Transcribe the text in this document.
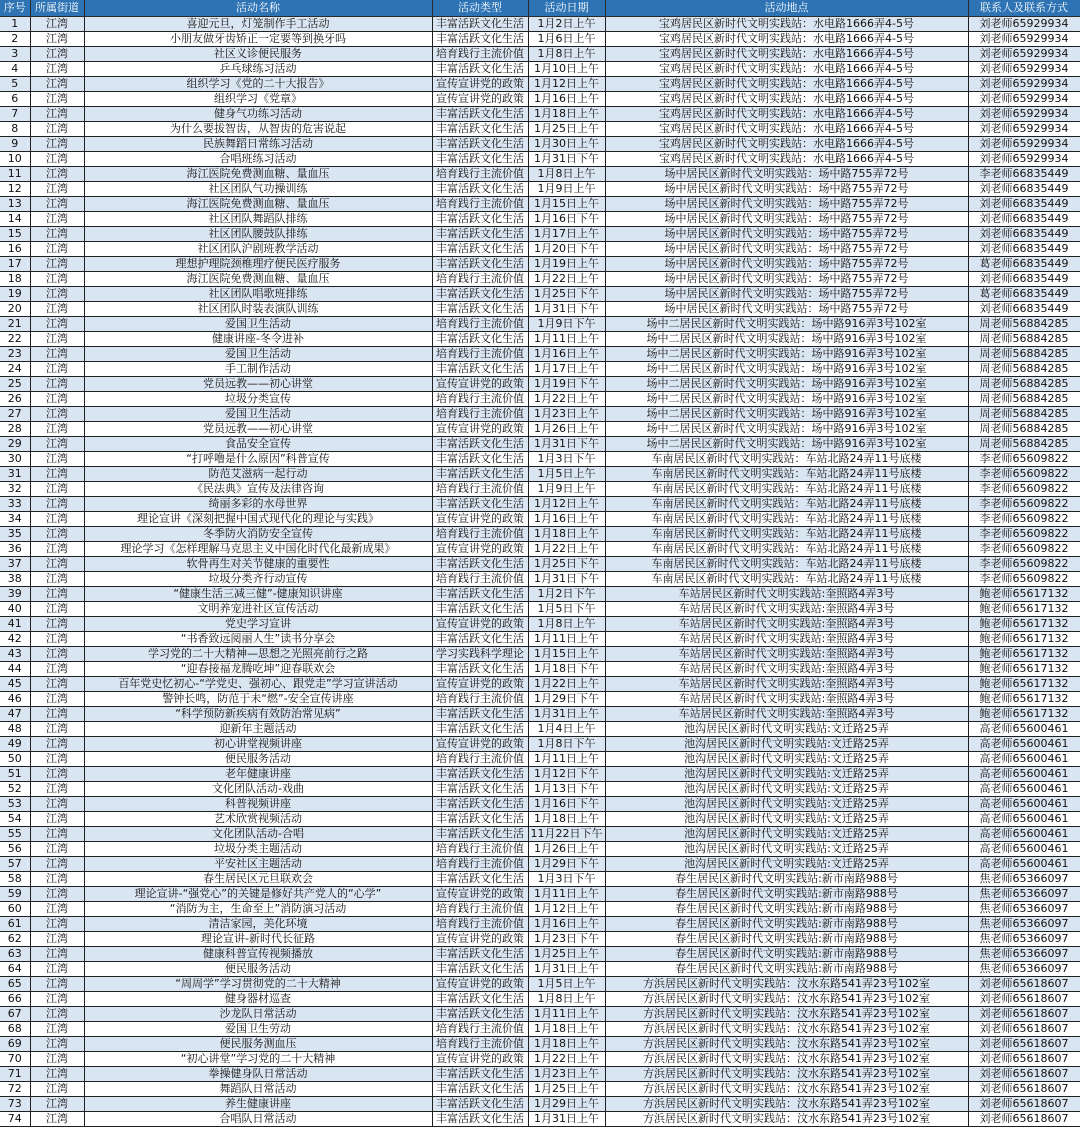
序号	所属街道	活动名称	活动类型	活动日期	活动地点	联系人及联系方式
1	江湾	喜迎元旦，灯笼制作手工活动	丰富活跃文化生活	1月2日上午	宝鸡居民区新时代文明实践站：水电路1666弄4-5号	刘老师65929934
2	江湾	小朋友做牙齿矫正一定要等到换牙吗	丰富活跃文化生活	1月6日上午	宝鸡居民区新时代文明实践站：水电路1666弄4-5号	刘老师65929934
3	江湾	社区义诊便民服务	培育践行主流价值	1月8日上午	宝鸡居民区新时代文明实践站：水电路1666弄4-5号	刘老师65929934
4	江湾	乒乓球练习活动	丰富活跃文化生活	1月10日上午	宝鸡居民区新时代文明实践站：水电路1666弄4-5号	刘老师65929934
5	江湾	组织学习《党的二十大报告》	宣传宣讲党的政策	1月12日上午	宝鸡居民区新时代文明实践站：水电路1666弄4-5号	刘老师65929934
6	江湾	组织学习《党章》	宣传宣讲党的政策	1月16日上午	宝鸡居民区新时代文明实践站：水电路1666弄4-5号	刘老师65929934
7	江湾	健身气功练习活动	丰富活跃文化生活	1月18日上午	宝鸡居民区新时代文明实践站：水电路1666弄4-5号	刘老师65929934
8	江湾	为什么要拔智齿，从智齿的危害说起	丰富活跃文化生活	1月25日上午	宝鸡居民区新时代文明实践站：水电路1666弄4-5号	刘老师65929934
9	江湾	民族舞蹈日常练习活动	丰富活跃文化生活	1月30日上午	宝鸡居民区新时代文明实践站：水电路1666弄4-5号	刘老师65929934
10	江湾	合唱班练习活动	丰富活跃文化生活	1月31日下午	宝鸡居民区新时代文明实践站：水电路1666弄4-5号	刘老师65929934
11	江湾	海江医院免费测血糖、量血压	培育践行主流价值	1月8日上午	场中居民区新时代文明实践站：场中路755弄72号	李老师66835449
12	江湾	社区团队气功操训练	丰富活跃文化生活	1月9日上午	场中居民区新时代文明实践站：场中路755弄72号	刘老师66835449
13	江湾	海江医院免费测血糖、量血压	培育践行主流价值	1月15日上午	场中居民区新时代文明实践站：场中路755弄72号	刘老师66835449
14	江湾	社区团队舞蹈队排练	丰富活跃文化生活	1月16日下午	场中居民区新时代文明实践站：场中路755弄72号	刘老师66835449
15	江湾	社区团队腰鼓队排练	丰富活跃文化生活	1月17日上午	场中居民区新时代文明实践站：场中路755弄72号	刘老师66835449
16	江湾	社区团队沪剧班教学活动	丰富活跃文化生活	1月20日下午	场中居民区新时代文明实践站：场中路755弄72号	刘老师66835449
17	江湾	理想护理院颈椎理疗便民医疗服务	丰富活跃文化生活	1月19日上午	场中居民区新时代文明实践站：场中路755弄72号	葛老师66835449
18	江湾	海江医院免费测血糖、量血压	培育践行主流价值	1月22日上午	场中居民区新时代文明实践站：场中路755弄72号	刘老师66835449
19	江湾	社区团队唱歌班排练	丰富活跃文化生活	1月25日下午	场中居民区新时代文明实践站：场中路755弄72号	葛老师66835449
20	江湾	社区团队时装表演队训练	丰富活跃文化生活	1月31日下午	场中居民区新时代文明实践站：场中路755弄72号	刘老师66835449
21	江湾	爱国卫生活动	培育践行主流价值	1月9日下午	场中二居民区新时代文明实践站：场中路916弄3号102室	周老师56884285
22	江湾	健康讲座-冬令进补	丰富活跃文化生活	1月11日上午	场中二居民区新时代文明实践站：场中路916弄3号102室	周老师56884285
23	江湾	爱国卫生活动	培育践行主流价值	1月16日上午	场中二居民区新时代文明实践站：场中路916弄3号102室	周老师56884285
24	江湾	手工制作活动	丰富活跃文化生活	1月17日上午	场中二居民区新时代文明实践站：场中路916弄3号102室	周老师56884285
25	江湾	党员远教——初心讲堂	宣传宣讲党的政策	1月19日下午	场中二居民区新时代文明实践站：场中路916弄3号102室	周老师56884285
26	江湾	垃圾分类宣传	培育践行主流价值	1月22日上午	场中二居民区新时代文明实践站：场中路916弄3号102室	周老师56884285
27	江湾	爱国卫生活动	培育践行主流价值	1月23日上午	场中二居民区新时代文明实践站：场中路916弄3号102室	周老师56884285
28	江湾	党员远教——初心讲堂	宣传宣讲党的政策	1月26日上午	场中二居民区新时代文明实践站：场中路916弄3号102室	周老师56884285
29	江湾	食品安全宣传	丰富活跃文化生活	1月31日下午	场中二居民区新时代文明实践站：场中路916弄3号102室	周老师56884285
30	江湾	“打呼噜是什么原因”科普宣传	丰富活跃文化生活	1月3日下午	车南居民区新时代文明实践站：车站北路24弄11号底楼	李老师65609822
31	江湾	防范艾滋病一起行动	丰富活跃文化生活	1月5日上午	车南居民区新时代文明实践站：车站北路24弄11号底楼	李老师65609822
32	江湾	《民法典》宣传及法律咨询	培育践行主流价值	1月9日上午	车南居民区新时代文明实践站：车站北路24弄11号底楼	李老师65609822
33	江湾	绮丽多彩的水母世界	丰富活跃文化生活	1月12日上午	车南居民区新时代文明实践站：车站北路24弄11号底楼	李老师65609822
34	江湾	理论宣讲《深刻把握中国式现代化的理论与实践》	宣传宣讲党的政策	1月16日上午	车南居民区新时代文明实践站：车站北路24弄11号底楼	李老师65609822
35	江湾	冬季防火消防安全宣传	培育践行主流价值	1月18日上午	车南居民区新时代文明实践站：车站北路24弄11号底楼	李老师65609822
36	江湾	理论学习《怎样理解马克思主义中国化时代化最新成果》	宣传宣讲党的政策	1月22日上午	车南居民区新时代文明实践站：车站北路24弄11号底楼	李老师65609822
37	江湾	软骨再生对关节健康的重要性	丰富活跃文化生活	1月25日下午	车南居民区新时代文明实践站：车站北路24弄11号底楼	李老师65609822
38	江湾	垃圾分类齐行动宣传	培育践行主流价值	1月31日下午	车南居民区新时代文明实践站：车站北路24弄11号底楼	李老师65609822
39	江湾	“健康生活三减三健”-健康知识讲座	丰富活跃文化生活	1月2日下午	车站居民区新时代文明实践站:奎照路4弄3号	鲍老师65617132
40	江湾	文明养宠进社区宣传活动	丰富活跃文化生活	1月5日下午	车站居民区新时代文明实践站:奎照路4弄3号	鲍老师65617132
41	江湾	党史学习宣讲	宣传宣讲党的政策	1月8日上午	车站居民区新时代文明实践站:奎照路4弄3号	鲍老师65617132
42	江湾	“书香致远阅丽人生”读书分享会	丰富活跃文化生活	1月11日上午	车站居民区新时代文明实践站:奎照路4弄3号	鲍老师65617132
43	江湾	学习党的二十大精神—思想之光照亮前行之路	学习实践科学理论	1月15日上午	车站居民区新时代文明实践站:奎照路4弄3号	鲍老师65617132
44	江湾	“迎春接福龙腾吃坤”迎春联欢会	丰富活跃文化生活	1月18日下午	车站居民区新时代文明实践站:奎照路4弄3号	鲍老师65617132
45	江湾	百年党史忆初心-“学党史、强初心、跟党走”学习宣讲活动	宣传宣讲党的政策	1月22日上午	车站居民区新时代文明实践站:奎照路4弄3号	鲍老师65617132
46	江湾	警钟长鸣，防范于未“燃”-安全宣传讲座	培育践行主流价值	1月29日下午	车站居民区新时代文明实践站:奎照路4弄3号	鲍老师65617132
47	江湾	“科学预防新疾病有效防治常见病”	丰富活跃文化生活	1月31日上午	车站居民区新时代文明实践站:奎照路4弄3号	鲍老师65617132
48	江湾	迎新年主题活动	丰富活跃文化生活	1月4日上午	池沟居民区新时代文明实践站:文迁路25弄	高老师65600461
49	江湾	初心讲堂视频讲座	宣传宣讲党的政策	1月8日下午	池沟居民区新时代文明实践站:文迁路25弄	高老师65600461
50	江湾	便民服务活动	培育践行主流价值	1月11日上午	池沟居民区新时代文明实践站:文迁路25弄	高老师65600461
51	江湾	老年健康讲座	丰富活跃文化生活	1月12日下午	池沟居民区新时代文明实践站:文迁路25弄	高老师65600461
52	江湾	文化团队活动-戏曲	丰富活跃文化生活	1月13日下午	池沟居民区新时代文明实践站:文迁路25弄	高老师65600461
53	江湾	科普视频讲座	丰富活跃文化生活	1月16日下午	池沟居民区新时代文明实践站:文迁路25弄	高老师65600461
54	江湾	艺术欣赏视频活动	丰富活跃文化生活	1月18日上午	池沟居民区新时代文明实践站:文迁路25弄	高老师65600461
55	江湾	文化团队活动-合唱	丰富活跃文化生活	11月22日下午	池沟居民区新时代文明实践站:文迁路25弄	高老师65600461
56	江湾	垃圾分类主题活动	培育践行主流价值	1月26日上午	池沟居民区新时代文明实践站:文迁路25弄	高老师65600461
57	江湾	平安社区主题活动	培育践行主流价值	1月29日下午	池沟居民区新时代文明实践站:文迁路25弄	高老师65600461
58	江湾	春生居民区元旦联欢会	丰富活跃文化生活	1月3日下午	春生居民区新时代文明实践站:新市南路988号	焦老师65366097
59	江湾	理论宣讲-“强党心”的关键是修好共产党人的“心学”	宣传宣讲党的政策	1月11日上午	春生居民区新时代文明实践站:新市南路988号	焦老师65366097
60	江湾	“消防为主，生命至上”消防演习活动	培育践行主流价值	1月12日上午	春生居民区新时代文明实践站:新市南路988号	焦老师65366097
61	江湾	清洁家园，美化环境	培育践行主流价值	1月16日上午	春生居民区新时代文明实践站:新市南路988号	焦老师65366097
62	江湾	理论宣讲-新时代长征路	宣传宣讲党的政策	1月23日下午	春生居民区新时代文明实践站:新市南路988号	焦老师65366097
63	江湾	健康科普宣传视频播放	丰富活跃文化生活	1月25日上午	春生居民区新时代文明实践站:新市南路988号	焦老师65366097
64	江湾	便民服务活动	丰富活跃文化生活	1月31日上午	春生居民区新时代文明实践站:新市南路988号	焦老师65366097
65	江湾	“周周学”学习贯彻党的二十大精神	宣传宣讲党的政策	1月5日上午	方浜居民区新时代文明实践站：汶水东路541弄23号102室	刘老师65618607
66	江湾	健身器材巡查	丰富活跃文化生活	1月8日上午	方浜居民区新时代文明实践站：汶水东路541弄23号102室	刘老师65618607
67	江湾	沙龙队日常活动	丰富活跃文化生活	1月11日上午	方浜居民区新时代文明实践站：汶水东路541弄23号102室	刘老师65618607
68	江湾	爱国卫生劳动	培育践行主流价值	1月18日上午	方浜居民区新时代文明实践站：汶水东路541弄23号102室	刘老师65618607
69	江湾	便民服务测血压	培育践行主流价值	1月18日上午	方浜居民区新时代文明实践站：汶水东路541弄23号102室	刘老师65618607
70	江湾	“初心讲堂”学习党的二十大精神	宣传宣讲党的政策	1月22日上午	方浜居民区新时代文明实践站：汶水东路541弄23号102室	刘老师65618607
71	江湾	拳操健身队日常活动	丰富活跃文化生活	1月23日上午	方浜居民区新时代文明实践站：汶水东路541弄23号102室	刘老师65618607
72	江湾	舞蹈队日常活动	丰富活跃文化生活	1月25日上午	方浜居民区新时代文明实践站：汶水东路541弄23号102室	刘老师65618607
73	江湾	养生健康讲座	丰富活跃文化生活	1月29日上午	方浜居民区新时代文明实践站：汶水东路541弄23号102室	刘老师65618607
74	江湾	合唱队日常活动	丰富活跃文化生活	1月31日上午	方浜居民区新时代文明实践站：汶水东路541弄23号102室	刘老师65618607
